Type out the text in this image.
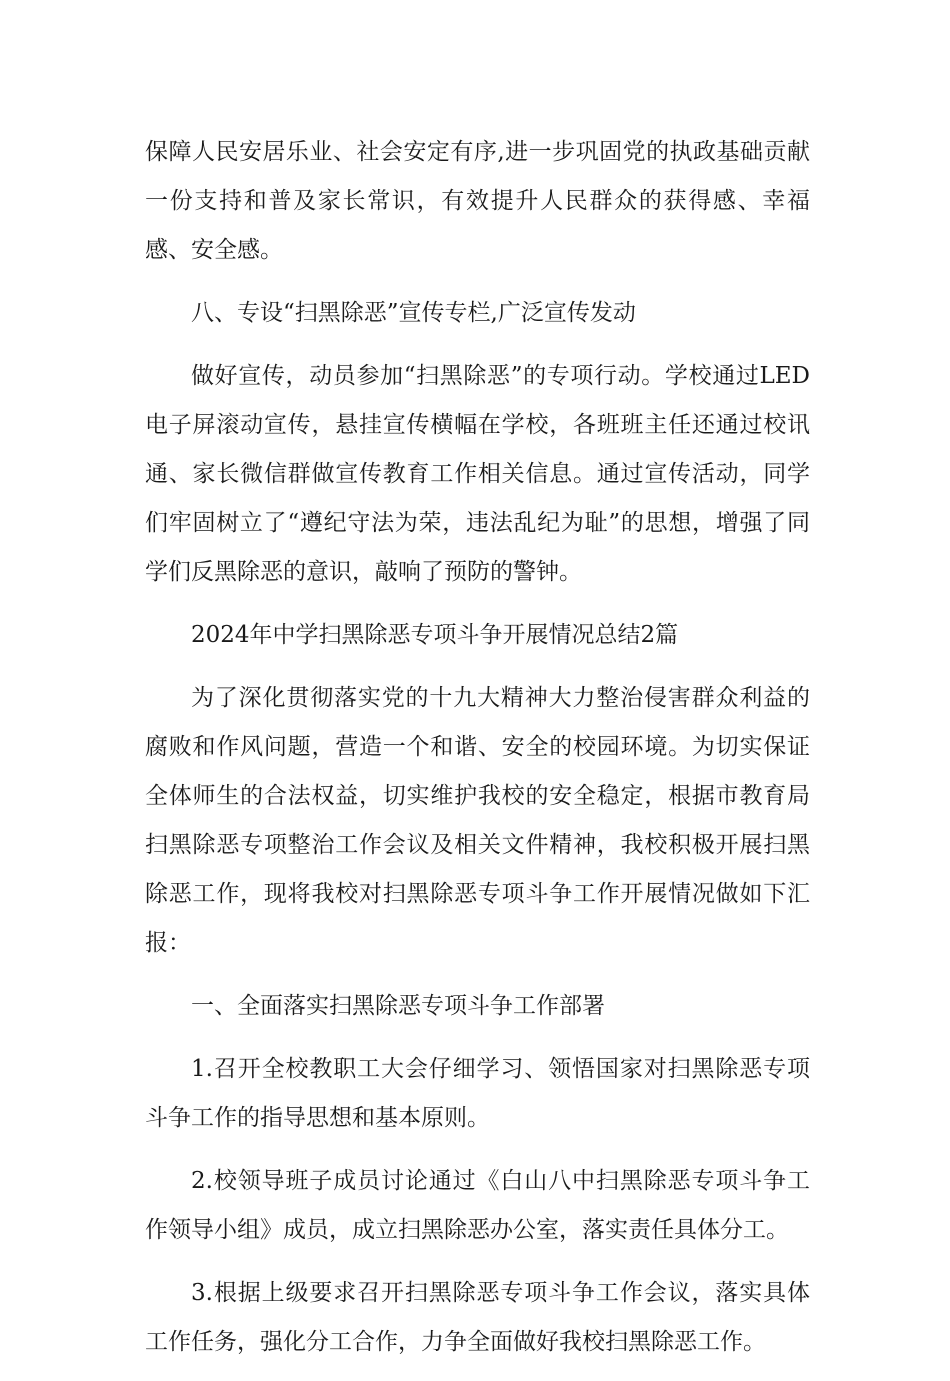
保障人民安居乐业、社会安定有序,进一步巩固党的执政基础贡献一份支持和普及家长常识，有效提升人民群众的获得感、幸福感、安全感。

八、专设“扫黑除恶”宣传专栏,广泛宣传发动

做好宣传，动员参加“扫黑除恶”的专项行动。学校通过LED电子屏滚动宣传，悬挂宣传横幅在学校，各班班主任还通过校讯通、家长微信群做宣传教育工作相关信息。通过宣传活动，同学们牢固树立了“遵纪守法为荣，违法乱纪为耻”的思想，增强了同学们反黑除恶的意识，敲响了预防的警钟。

2024年中学扫黑除恶专项斗争开展情况总结2篇

为了深化贯彻落实党的十九大精神大力整治侵害群众利益的腐败和作风问题，营造一个和谐、安全的校园环境。为切实保证全体师生的合法权益，切实维护我校的安全稳定，根据市教育局扫黑除恶专项整治工作会议及相关文件精神，我校积极开展扫黑除恶工作，现将我校对扫黑除恶专项斗争工作开展情况做如下汇报：

一、全面落实扫黑除恶专项斗争工作部署

1.召开全校教职工大会仔细学习、领悟国家对扫黑除恶专项斗争工作的指导思想和基本原则。

2.校领导班子成员讨论通过《白山八中扫黑除恶专项斗争工作领导小组》成员，成立扫黑除恶办公室，落实责任具体分工。

3.根据上级要求召开扫黑除恶专项斗争工作会议，落实具体工作任务，强化分工合作，力争全面做好我校扫黑除恶工作。
